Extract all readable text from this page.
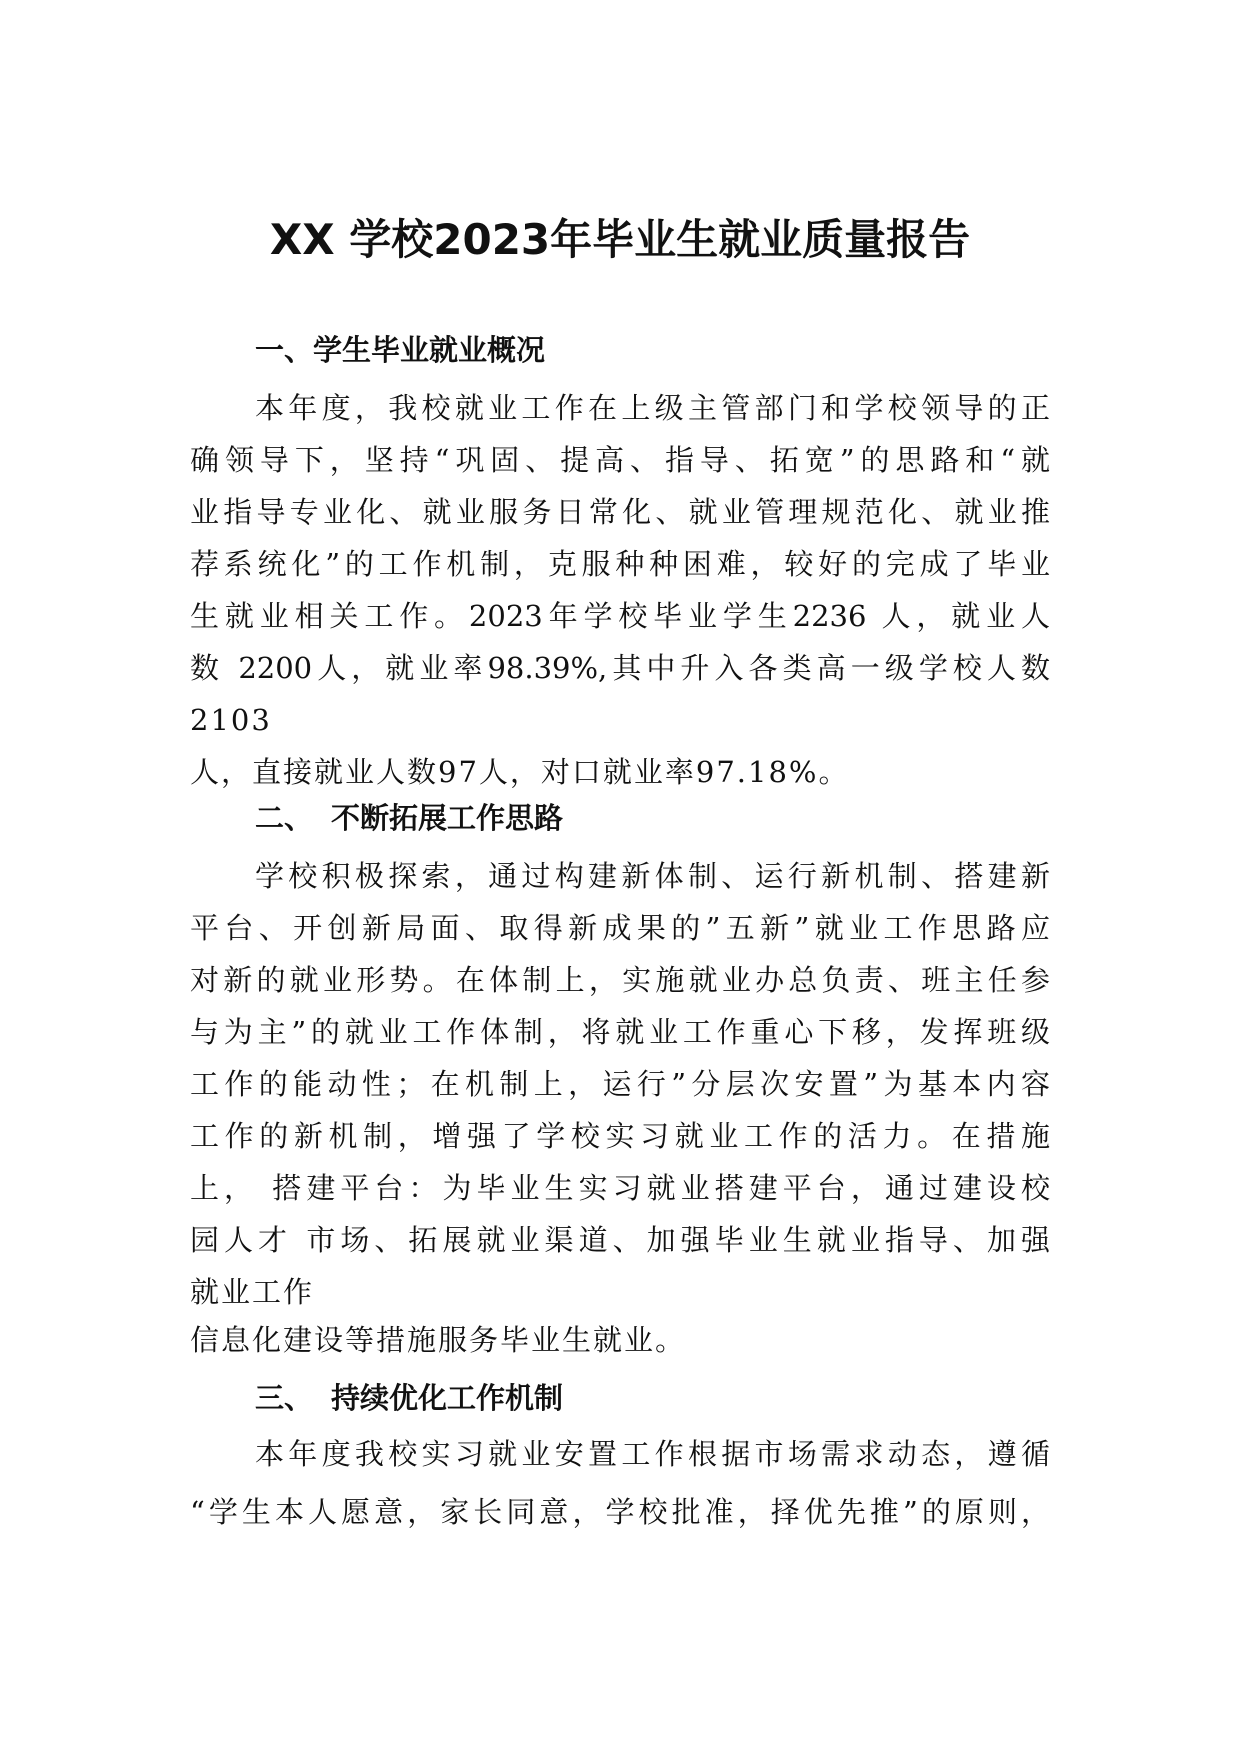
XX 学校2023年毕业生就业质量报告
一、学生毕业就业概况

本年度，我校就业工作在上级主管部门和学校领导的正

确领导下，坚持“巩固、提高、指导、拓宽”的思路和“就

业指导专业化、就业服务日常化、就业管理规范化、就业推

荐系统化”的工作机制，克服种种困难，较好的完成了毕业

生就业相关工作。2023年学校毕业学生2236 人，就业人

数 2200人，就业率98.39%,其中升入各类高一级学校人数

2103

人，直接就业人数97人，对口就业率97.18%。

二、 不断拓展工作思路

学校积极探索，通过构建新体制、运行新机制、搭建新

平台、开创新局面、取得新成果的”五新”就业工作思路应

对新的就业形势。在体制上，实施就业办总负责、班主任参

与为主”的就业工作体制，将就业工作重心下移，发挥班级

工作的能动性；在机制上，运行”分层次安置”为基本内容

工作的新机制，增强了学校实习就业工作的活力。在措施

上， 搭建平台：为毕业生实习就业搭建平台，通过建设校

园人才 市场、拓展就业渠道、加强毕业生就业指导、加强

就业工作

信息化建设等措施服务毕业生就业。

三、 持续优化工作机制

本年度我校实习就业安置工作根据市场需求动态，遵循

“学生本人愿意，家长同意，学校批准，择优先推”的原则，
